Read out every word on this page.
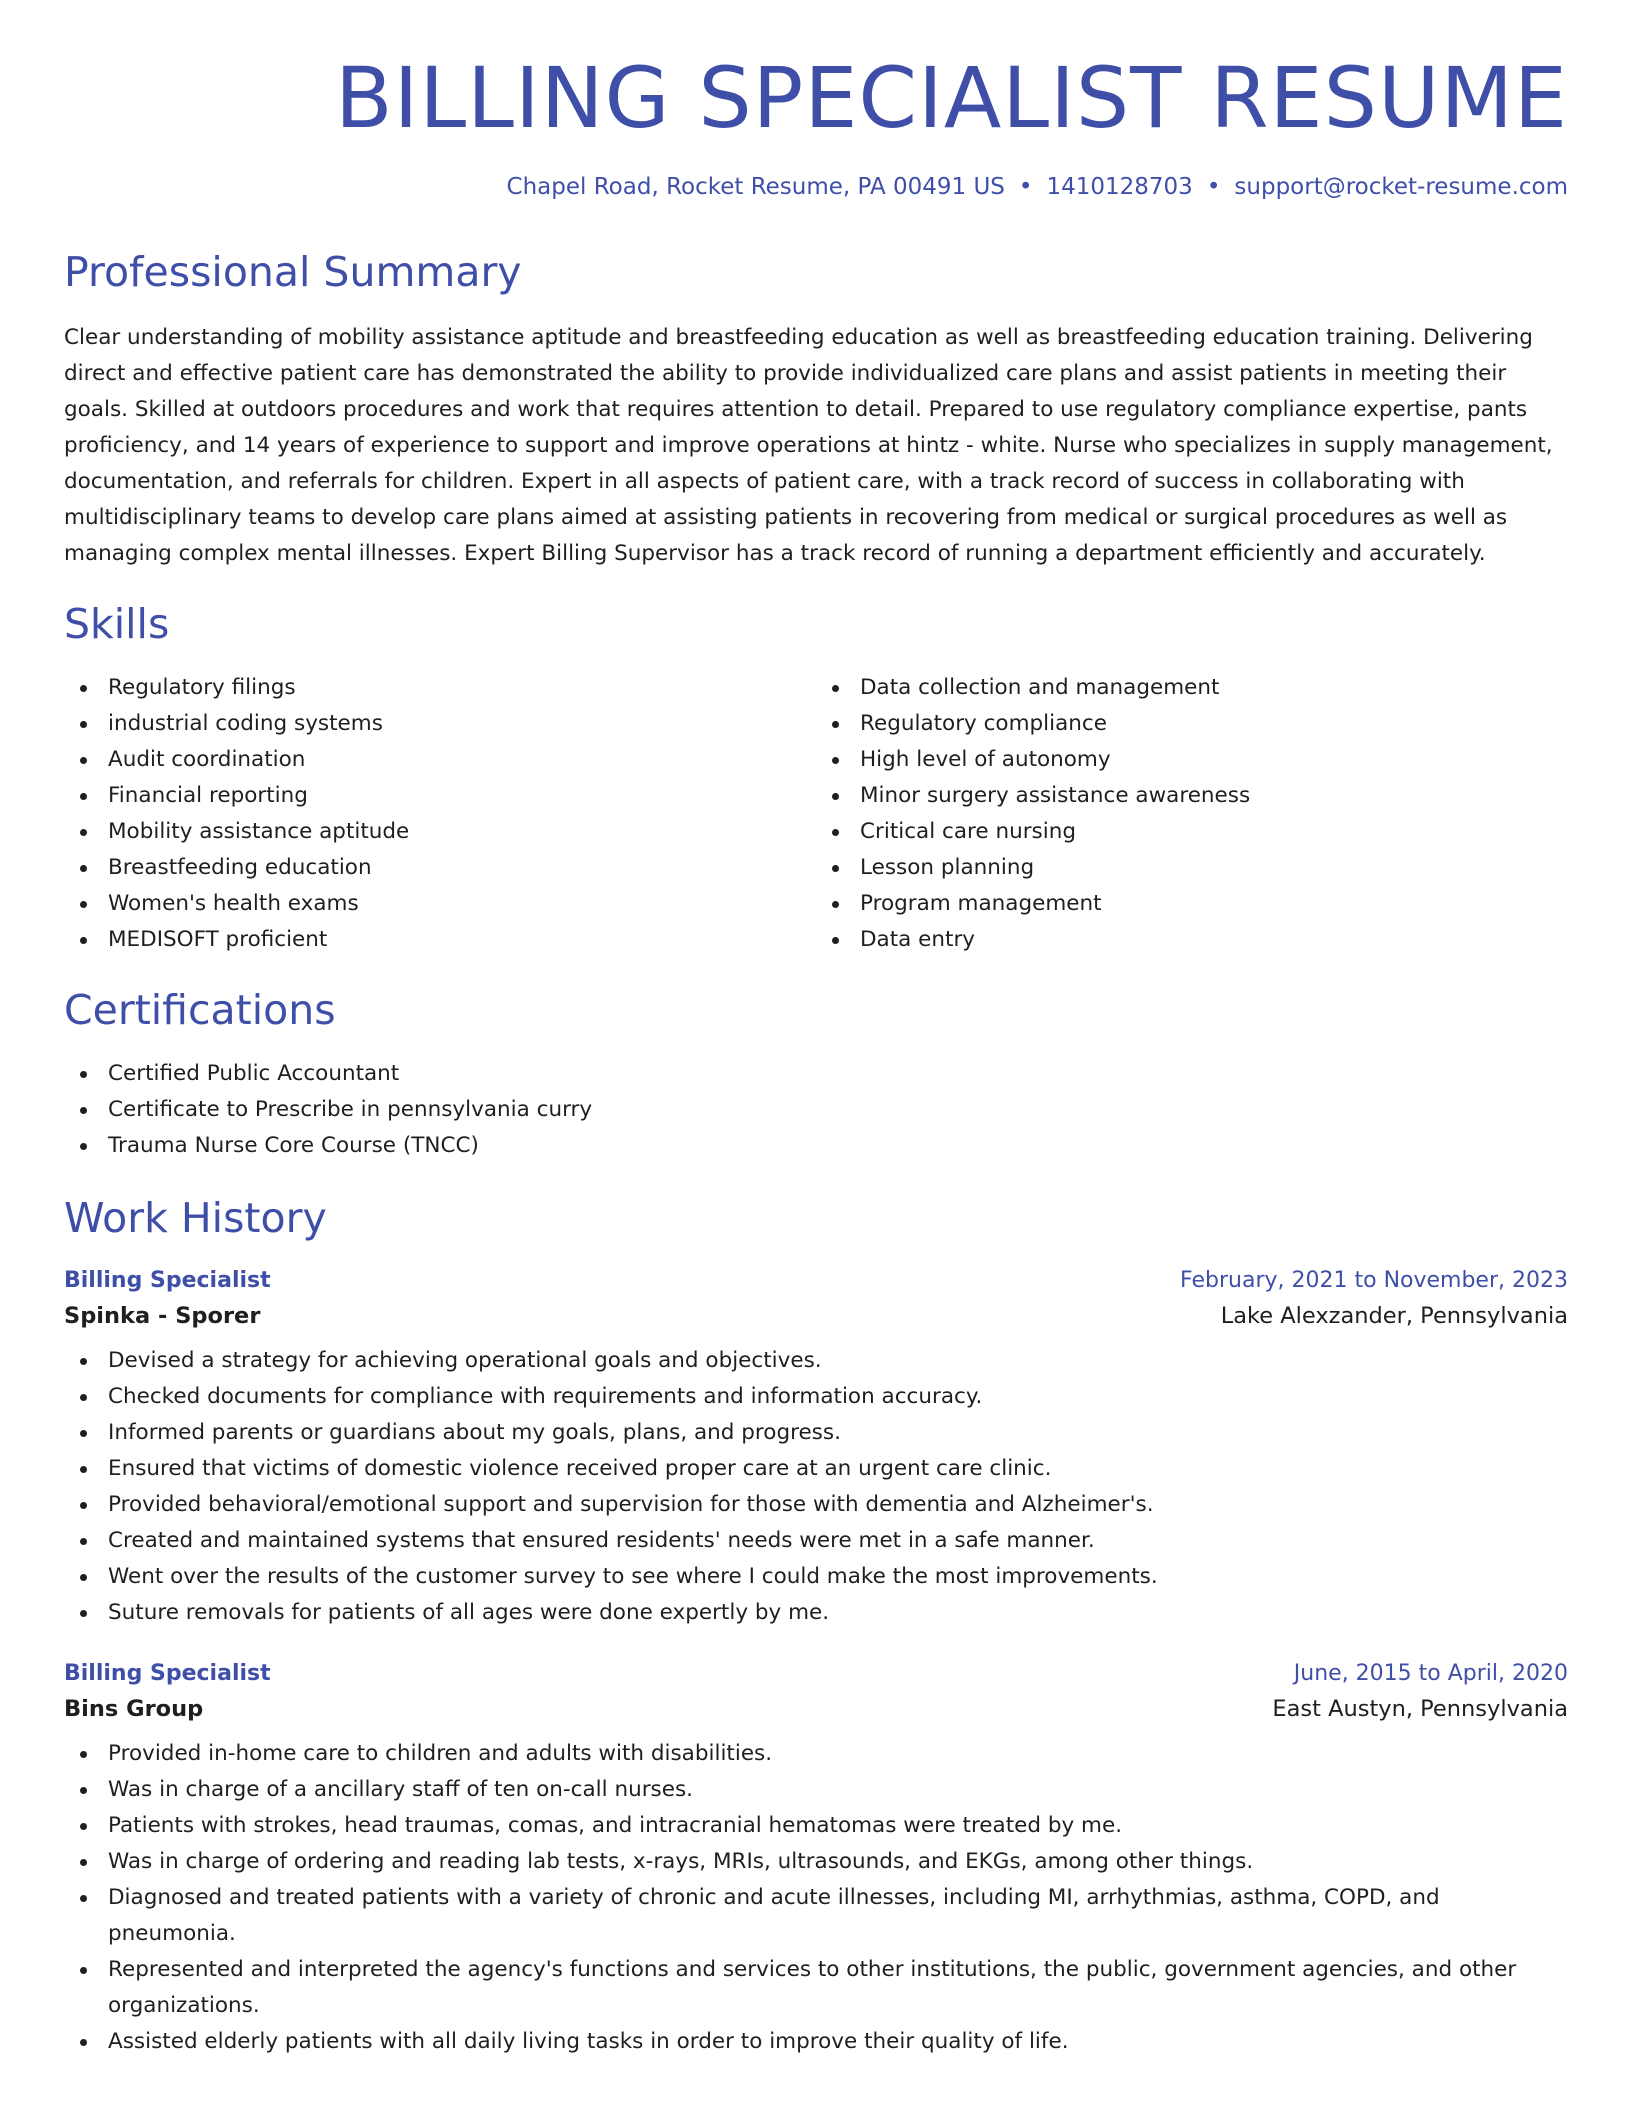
BILLING SPECIALIST RESUME
Chapel Road, Rocket Resume, PA 00491 US • 1410128703 • support@rocket-resume.com
Professional Summary

Clear understanding of mobility assistance aptitude and breastfeeding education as well as breastfeeding education training. Delivering direct and effective patient care has demonstrated the ability to provide individualized care plans and assist patients in meeting their goals. Skilled at outdoors procedures and work that requires attention to detail. Prepared to use regulatory compliance expertise, pants proficiency, and 14 years of experience to support and improve operations at hintz - white. Nurse who specializes in supply management, documentation, and referrals for children. Expert in all aspects of patient care, with a track record of success in collaborating with multidisciplinary teams to develop care plans aimed at assisting patients in recovering from medical or surgical procedures as well as managing complex mental illnesses. Expert Billing Supervisor has a track record of running a department efficiently and accurately.

Skills
Regulatory filings
industrial coding systems
Audit coordination
Financial reporting
Mobility assistance aptitude
Breastfeeding education
Women's health exams
MEDISOFT proficient
Data collection and management
Regulatory compliance
High level of autonomy
Minor surgery assistance awareness
Critical care nursing
Lesson planning
Program management
Data entry
Certifications
Certified Public Accountant
Certificate to Prescribe in pennsylvania curry
Trauma Nurse Core Course (TNCC)
Work History
Billing Specialist	February, 2021 to November, 2023
Spinka - Sporer	Lake Alexzander, Pennsylvania
Devised a strategy for achieving operational goals and objectives.
Checked documents for compliance with requirements and information accuracy.
Informed parents or guardians about my goals, plans, and progress.
Ensured that victims of domestic violence received proper care at an urgent care clinic.
Provided behavioral/emotional support and supervision for those with dementia and Alzheimer's.
Created and maintained systems that ensured residents' needs were met in a safe manner.
Went over the results of the customer survey to see where I could make the most improvements.
Suture removals for patients of all ages were done expertly by me.
Billing Specialist	June, 2015 to April, 2020
Bins Group	East Austyn, Pennsylvania
Provided in-home care to children and adults with disabilities.
Was in charge of a ancillary staff of ten on-call nurses.
Patients with strokes, head traumas, comas, and intracranial hematomas were treated by me.
Was in charge of ordering and reading lab tests, x-rays, MRIs, ultrasounds, and EKGs, among other things.
Diagnosed and treated patients with a variety of chronic and acute illnesses, including MI, arrhythmias, asthma, COPD, and pneumonia.
Represented and interpreted the agency's functions and services to other institutions, the public, government agencies, and other organizations.
Assisted elderly patients with all daily living tasks in order to improve their quality of life.
